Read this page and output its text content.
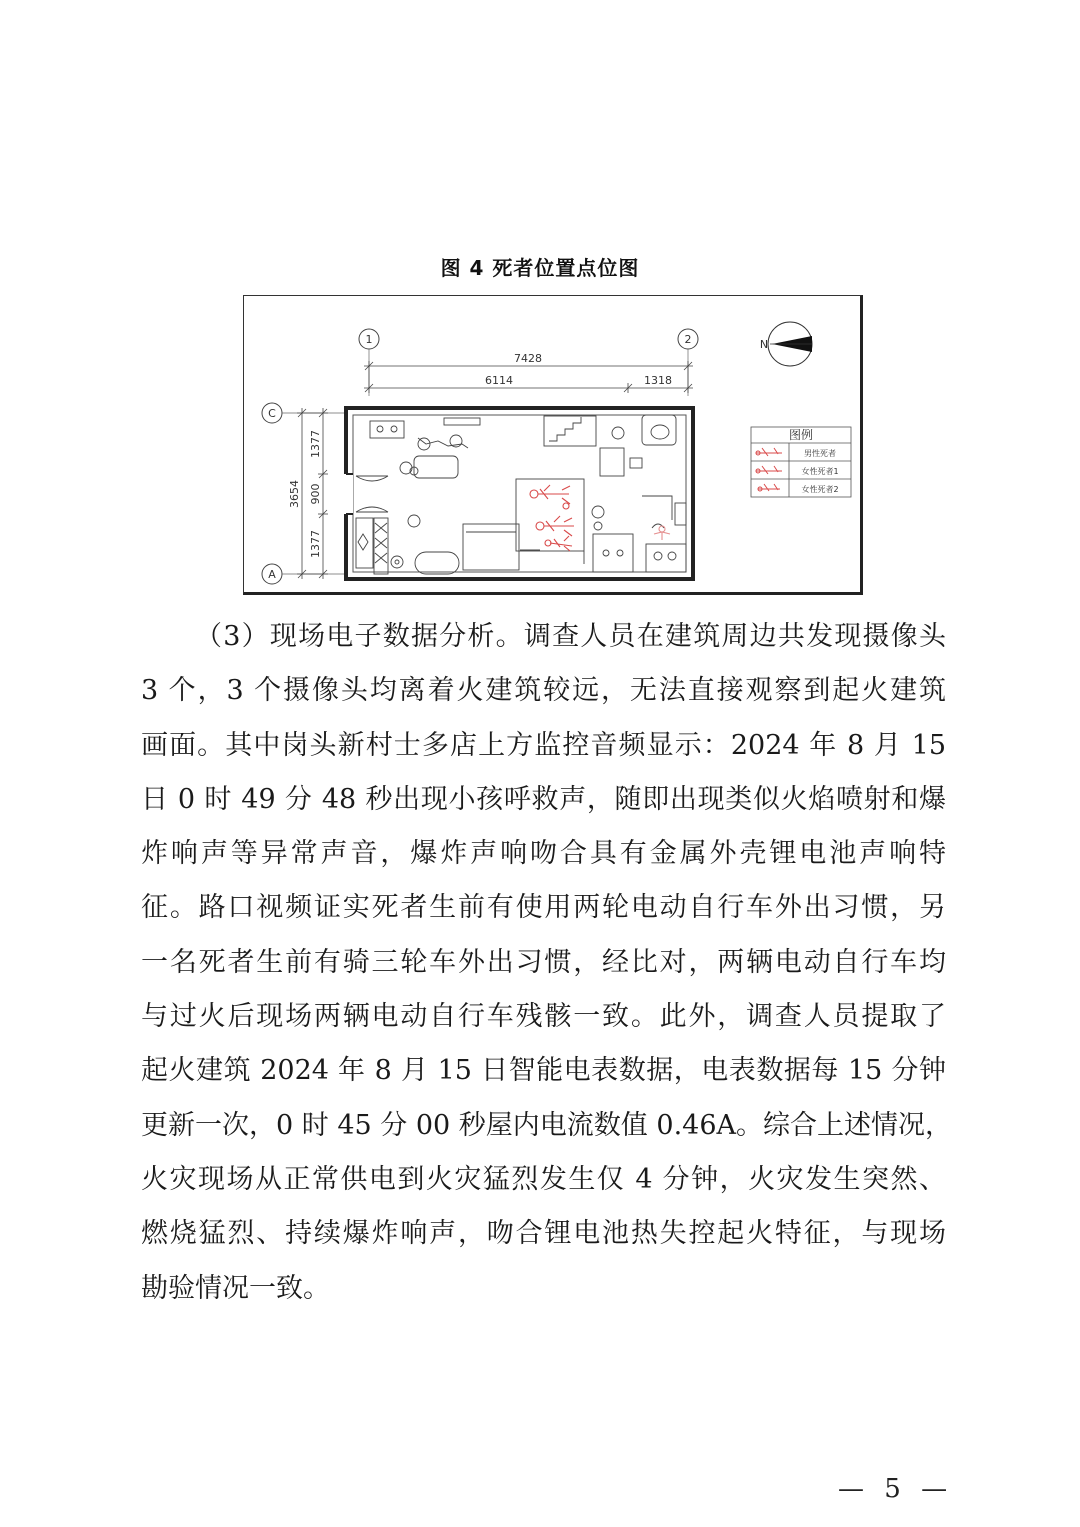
图 4 死者位置点位图
1	2
C
A
7428
6114	1318
3654
1377
900
1377
N
图例
男性死者
女性死者1
女性死者2
（3）现场电子数据分析。调查人员在建筑周边共发现摄像头
3 个，3 个摄像头均离着火建筑较远，无法直接观察到起火建筑
画面。其中岗头新村士多店上方监控音频显示：2024 年 8 月 15
日 0 时 49 分 48 秒出现小孩呼救声，随即出现类似火焰喷射和爆
炸响声等异常声音，爆炸声响吻合具有金属外壳锂电池声响特
征。路口视频证实死者生前有使用两轮电动自行车外出习惯，另
一名死者生前有骑三轮车外出习惯，经比对，两辆电动自行车均
与过火后现场两辆电动自行车残骸一致。此外，调查人员提取了
起火建筑 2024 年 8 月 15 日智能电表数据，电表数据每 15 分钟
更新一次，0 时 45 分 00 秒屋内电流数值 0.46A。综合上述情况，
火灾现场从正常供电到火灾猛烈发生仅 4 分钟，火灾发生突然、
燃烧猛烈、持续爆炸响声，吻合锂电池热失控起火特征，与现场
勘验情况一致。
— 5 —
